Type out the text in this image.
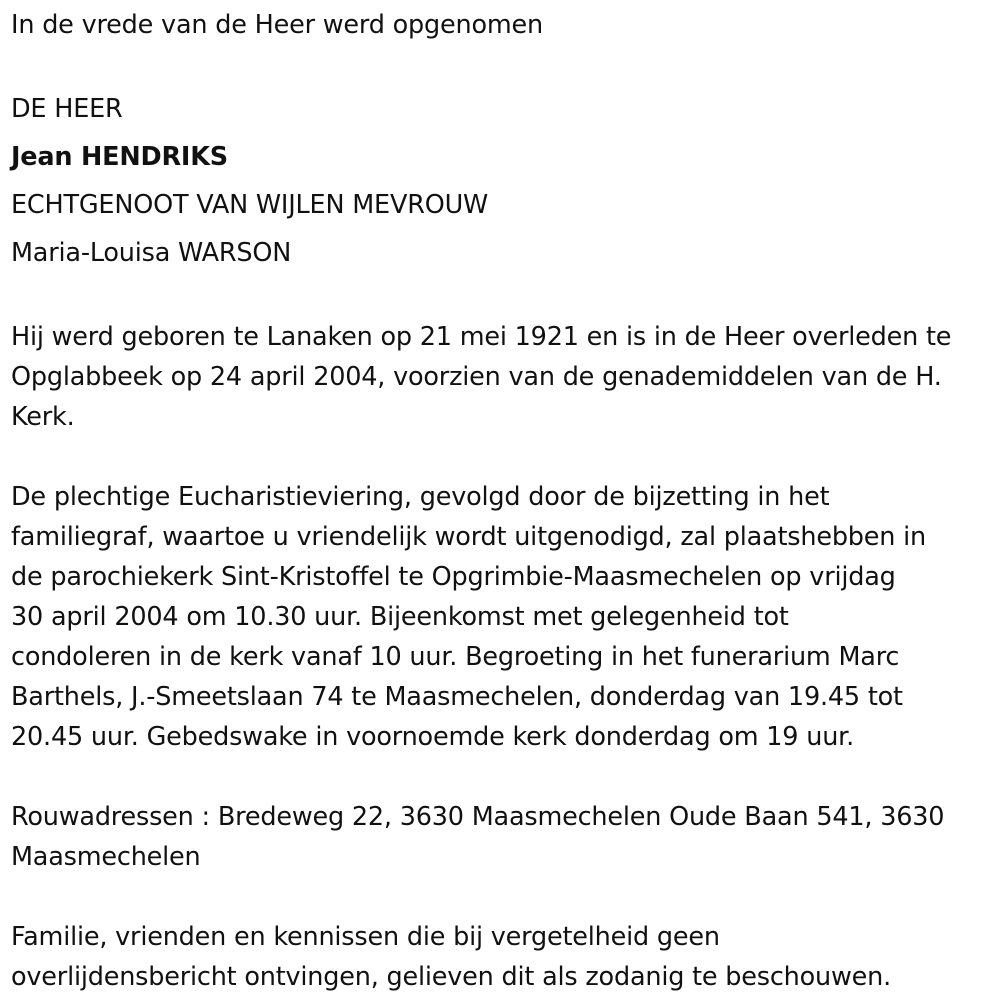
In de vrede van de Heer werd opgenomen
DE HEER
Jean HENDRIKS
ECHTGENOOT VAN WIJLEN MEVROUW
Maria-Louisa WARSON
Hij werd geboren te Lanaken op 21 mei 1921 en is in de Heer overleden te
Opglabbeek op 24 april 2004, voorzien van de genademiddelen van de H.
Kerk.
De plechtige Eucharistieviering, gevolgd door de bijzetting in het
familiegraf, waartoe u vriendelijk wordt uitgenodigd, zal plaatshebben in
de parochiekerk Sint-Kristoffel te Opgrimbie-Maasmechelen op vrijdag
30 april 2004 om 10.30 uur. Bijeenkomst met gelegenheid tot
condoleren in de kerk vanaf 10 uur. Begroeting in het funerarium Marc
Barthels, J.-Smeetslaan 74 te Maasmechelen, donderdag van 19.45 tot
20.45 uur. Gebedswake in voornoemde kerk donderdag om 19 uur.
Rouwadressen : Bredeweg 22, 3630 Maasmechelen Oude Baan 541, 3630
Maasmechelen
Familie, vrienden en kennissen die bij vergetelheid geen
overlijdensbericht ontvingen, gelieven dit als zodanig te beschouwen.
